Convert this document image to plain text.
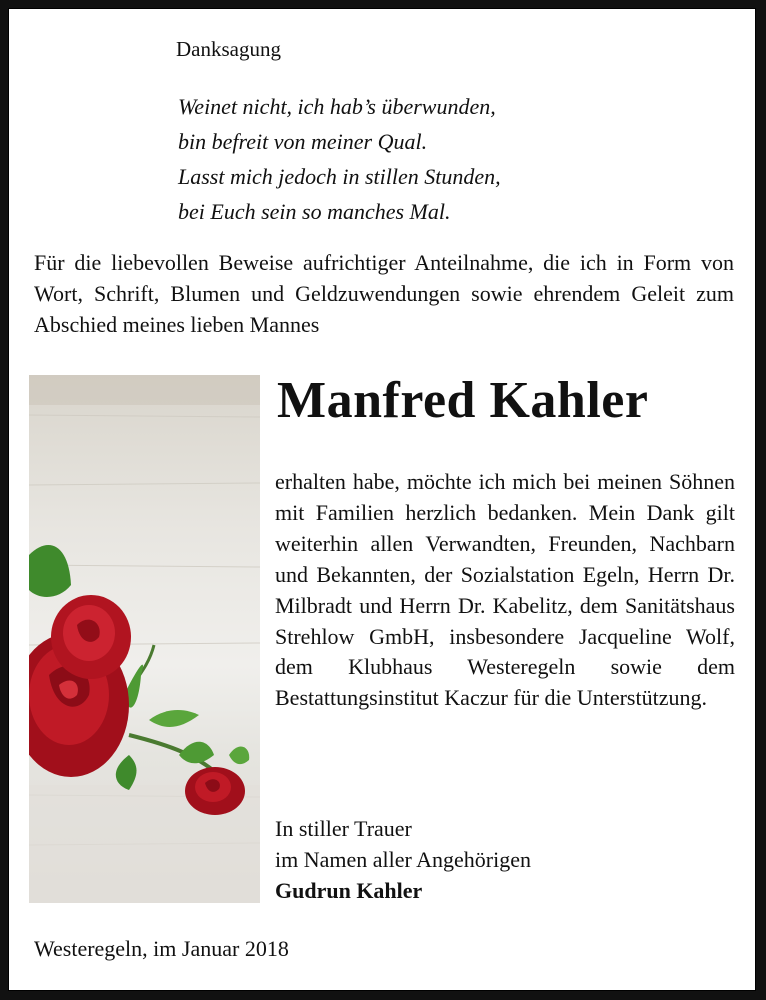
Danksagung
Weinet nicht, ich hab’s überwunden,
bin befreit von meiner Qual.
Lasst mich jedoch in stillen Stunden,
bei Euch sein so manches Mal.
Für die liebevollen Beweise aufrichtiger Anteilnahme, die ich in Form von Wort, Schrift, Blumen und Geldzuwendungen sowie ehrendem Geleit zum Abschied meines lieben Mannes
Manfred Kahler
erhalten habe, möchte ich mich bei meinen Söhnen mit Familien herzlich bedanken. Mein Dank gilt weiterhin allen Verwandten, Freunden, Nachbarn und Bekannten, der Sozialstation Egeln, Herrn Dr. Milbradt und Herrn Dr. Kabelitz, dem Sanitätshaus Strehlow GmbH, insbesondere Jacqueline Wolf, dem Klubhaus Westeregeln sowie dem Bestattungsinstitut Kaczur für die Unterstützung.
In stiller Trauer
im Namen aller Angehörigen
Gudrun Kahler
Westeregeln, im Januar 2018
